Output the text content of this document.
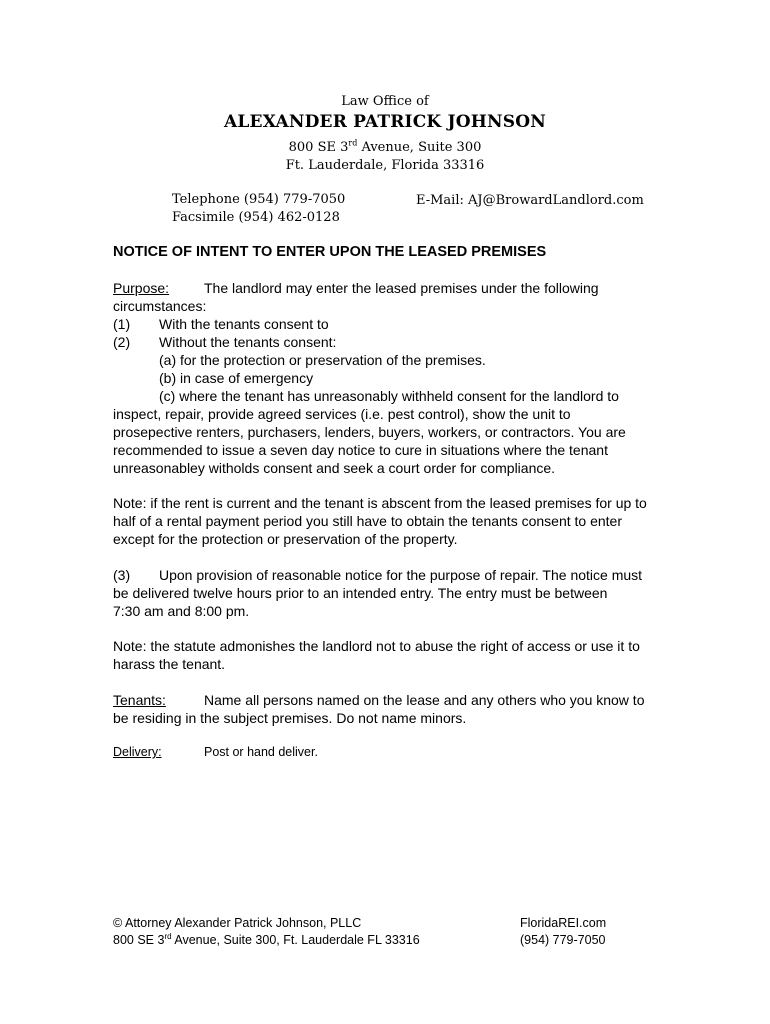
Law Office of
ALEXANDER PATRICK JOHNSON
800 SE 3rd Avenue, Suite 300
Ft. Lauderdale, Florida 33316
Telephone (954) 779-7050
Facsimile (954) 462-0128
E-Mail: AJ@BrowardLandlord.com
NOTICE OF INTENT TO ENTER UPON THE LEASED PREMISES
Purpose: The landlord may enter the leased premises under the following
circumstances:
(1) With the tenants consent to
(2) Without the tenants consent:
(a) for the protection or preservation of the premises.
(b) in case of emergency
(c) where the tenant has unreasonably withheld consent for the landlord to
inspect, repair, provide agreed services (i.e. pest control), show the unit to
prosepective renters, purchasers, lenders, buyers, workers, or contractors. You are
recommended to issue a seven day notice to cure in situations where the tenant
unreasonabley witholds consent and seek a court order for compliance.
Note: if the rent is current and the tenant is abscent from the leased premises for up to
half of a rental payment period you still have to obtain the tenants consent to enter
except for the protection or preservation of the property.
(3) Upon provision of reasonable notice for the purpose of repair. The notice must
be delivered twelve hours prior to an intended entry. The entry must be between
7:30 am and 8:00 pm.
Note: the statute admonishes the landlord not to abuse the right of access or use it to
harass the tenant.
Tenants:	Name all persons named on the lease and any others who you know to
be residing in the subject premises. Do not name minors.
Delivery:	Post or hand deliver.
© Attorney Alexander Patrick Johnson, PLLC
800 SE 3rd Avenue, Suite 300, Ft. Lauderdale FL 33316
FloridaREI.com
(954) 779-7050
